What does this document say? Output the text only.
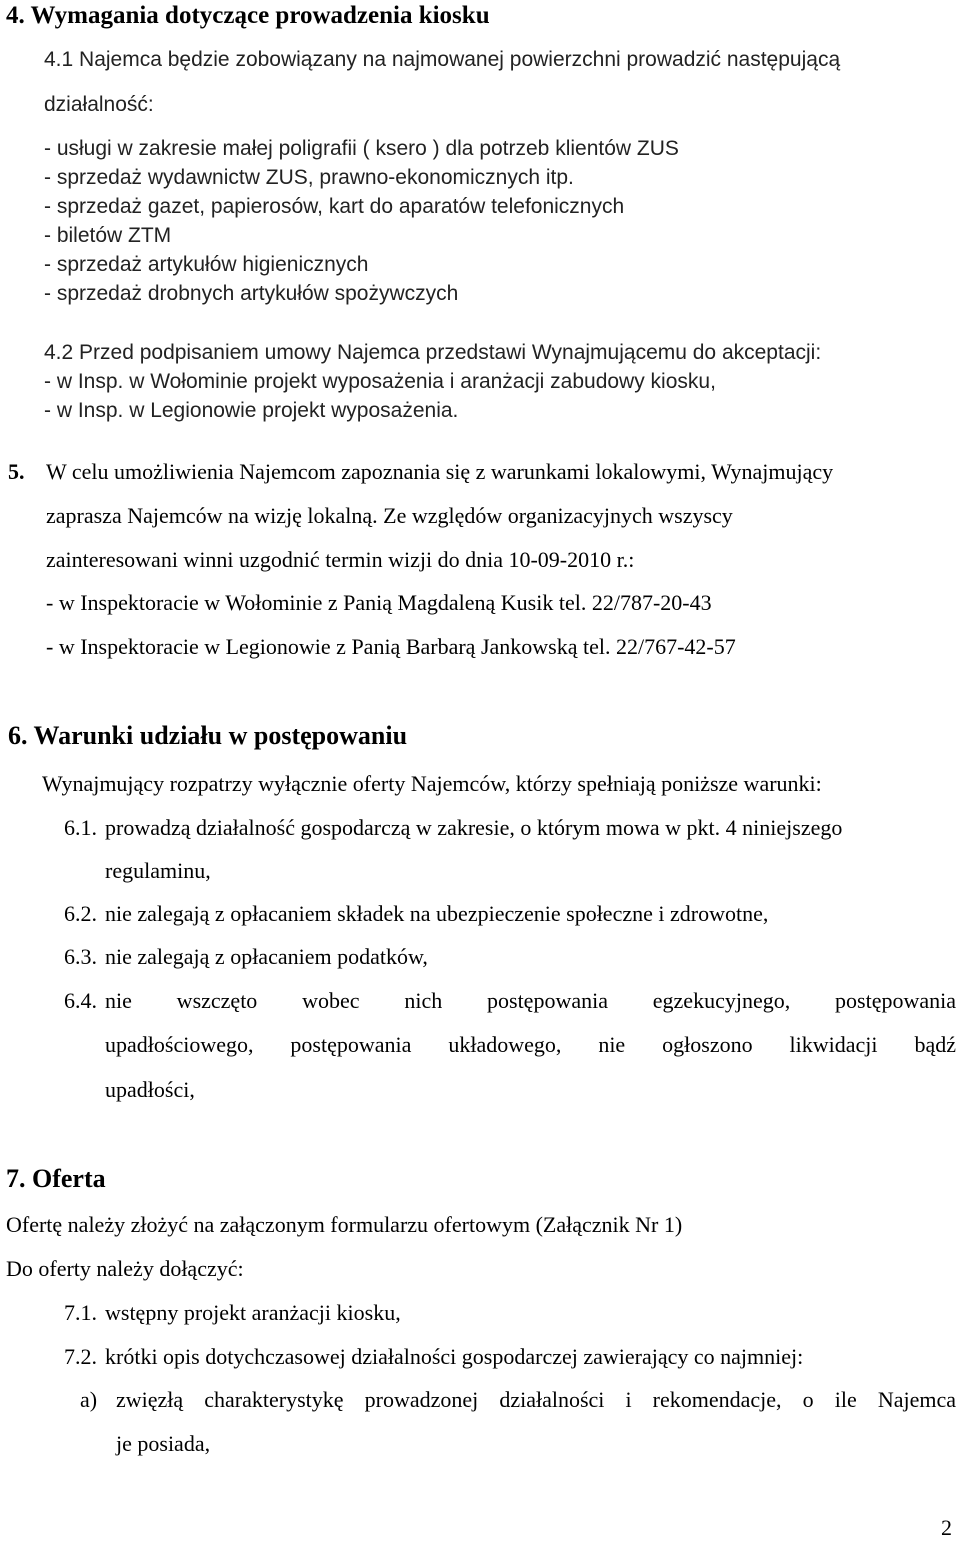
4. Wymagania dotyczące prowadzenia kiosku
4.1 Najemca będzie zobowiązany na najmowanej powierzchni prowadzić następującą
działalność:
- usługi w zakresie małej poligrafii ( ksero ) dla potrzeb klientów ZUS
- sprzedaż wydawnictw ZUS, prawno-ekonomicznych itp.
- sprzedaż gazet, papierosów, kart do aparatów telefonicznych
- biletów ZTM
- sprzedaż artykułów higienicznych
- sprzedaż drobnych artykułów spożywczych
4.2 Przed podpisaniem umowy Najemca przedstawi Wynajmującemu do akceptacji:
- w Insp. w Wołominie projekt wyposażenia i aranżacji zabudowy kiosku,
- w Insp. w Legionowie projekt wyposażenia.
5. W celu umożliwienia Najemcom zapoznania się z warunkami lokalowymi, Wynajmujący
zaprasza Najemców na wizję lokalną. Ze względów organizacyjnych wszyscy
zainteresowani winni uzgodnić termin wizji do dnia 10-09-2010 r.:
- w Inspektoracie w Wołominie z Panią Magdaleną Kusik tel. 22/787-20-43
- w Inspektoracie w Legionowie z Panią Barbarą Jankowską tel. 22/767-42-57
6. Warunki udziału w postępowaniu
Wynajmujący rozpatrzy wyłącznie oferty Najemców, którzy spełniają poniższe warunki:
6.1. prowadzą działalność gospodarczą w zakresie, o którym mowa w pkt. 4 niniejszego
regulaminu,
6.2. nie zalegają z opłacaniem składek na ubezpieczenie społeczne i zdrowotne,
6.3. nie zalegają z opłacaniem podatków,
6.4. nie wszczęto wobec nich postępowania egzekucyjnego, postępowania
upadłościowego, postępowania układowego, nie ogłoszono likwidacji bądź
upadłości,
7. Oferta
Ofertę należy złożyć na załączonym formularzu ofertowym (Załącznik Nr 1)
Do oferty należy dołączyć:
7.1. wstępny projekt aranżacji kiosku,
7.2. krótki opis dotychczasowej działalności gospodarczej zawierający co najmniej:
a) zwięzłą charakterystykę prowadzonej działalności i rekomendacje, o ile Najemca
je posiada,
2
